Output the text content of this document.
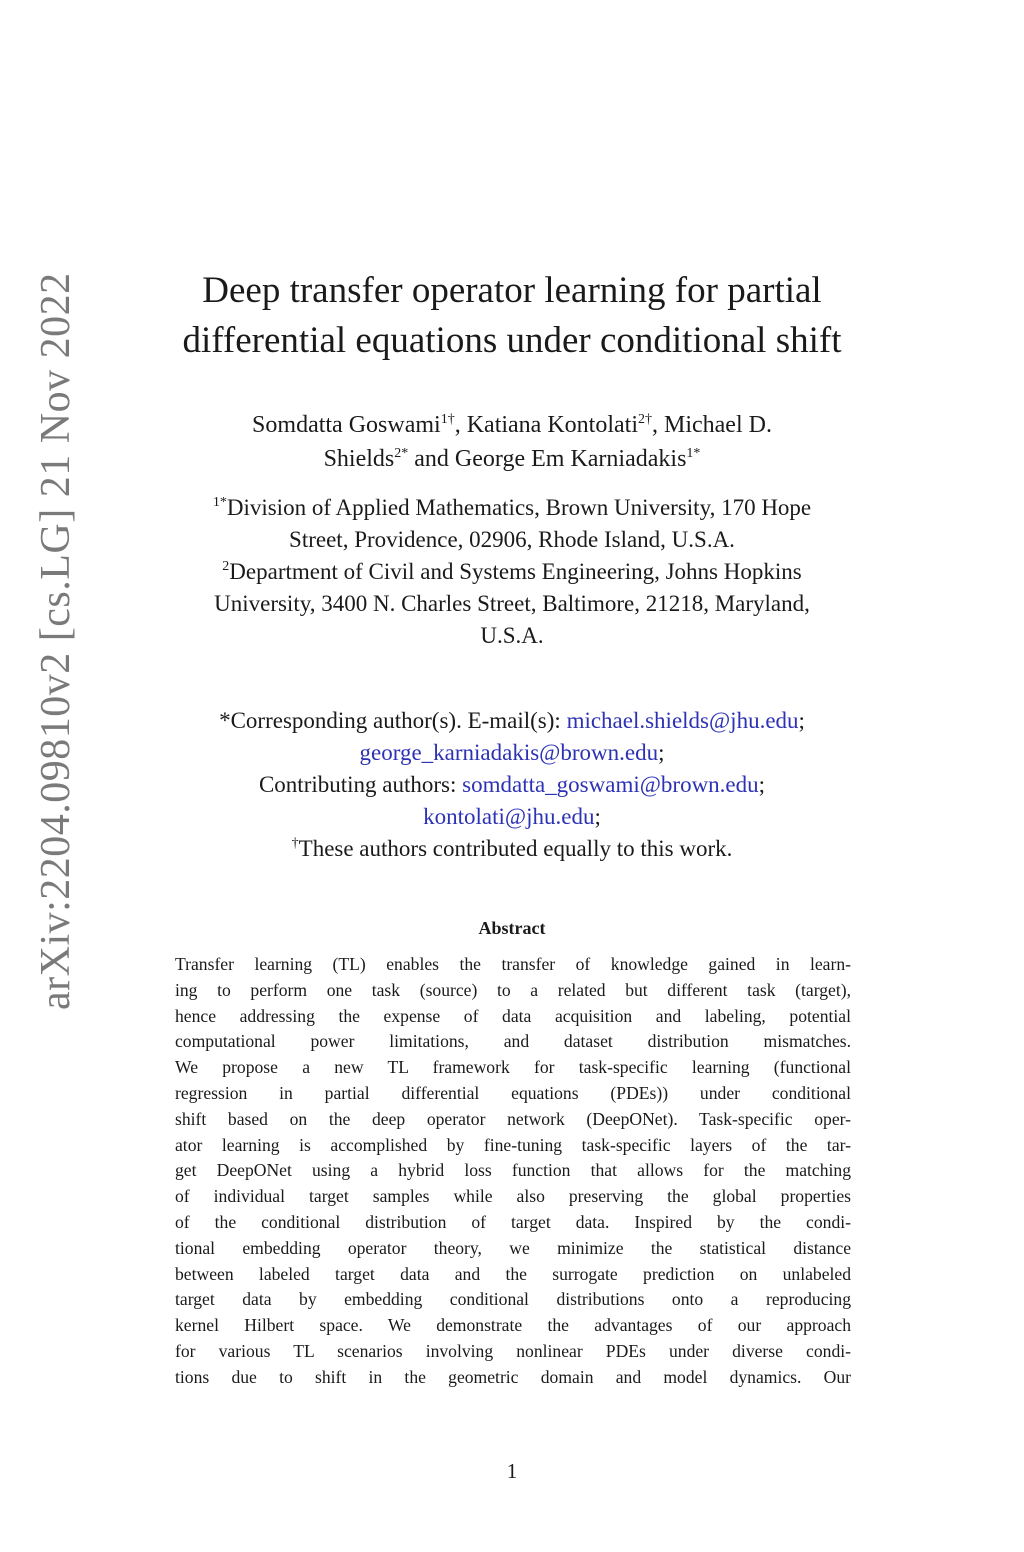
arXiv:2204.09810v2 [cs.LG] 21 Nov 2022	Deep transfer operator learning for partial
differential equations under conditional shift
Somdatta Goswami$^{1\dagger}$, Katiana Kontolati$^{2\dagger}$, Michael D.
Shields$^{2*}$ and George Em Karniadakis$^{1*}$
$^{1*}$Division of Applied Mathematics, Brown University, 170 Hope
Street, Providence, 02906, Rhode Island, U.S.A.
$^2$Department of Civil and Systems Engineering, Johns Hopkins
University, 3400 N. Charles Street, Baltimore, 21218, Maryland,
U.S.A.
*Corresponding author(s). E-mail(s): michael.shields@jhu.edu;
george_karniadakis@brown.edu;
Contributing authors: somdatta_goswami@brown.edu;
kontolati@jhu.edu;
†These authors contributed equally to this work.
Abstract
Transfer learning (TL) enables the transfer of knowledge gained in learn-
ing to perform one task (source) to a related but different task (target),
hence addressing the expense of data acquisition and labeling, potential
computational power limitations, and dataset distribution mismatches.
We propose a new TL framework for task-specific learning (functional
regression in partial differential equations (PDEs)) under conditional
shift based on the deep operator network (DeepONet). Task-specific oper-
ator learning is accomplished by fine-tuning task-specific layers of the tar-
get DeepONet using a hybrid loss function that allows for the matching
of individual target samples while also preserving the global properties
of the conditional distribution of target data. Inspired by the condi-
tional embedding operator theory, we minimize the statistical distance
between labeled target data and the surrogate prediction on unlabeled
target data by embedding conditional distributions onto a reproducing
kernel Hilbert space. We demonstrate the advantages of our approach
for various TL scenarios involving nonlinear PDEs under diverse condi-
tions due to shift in the geometric domain and model dynamics. Our
1
